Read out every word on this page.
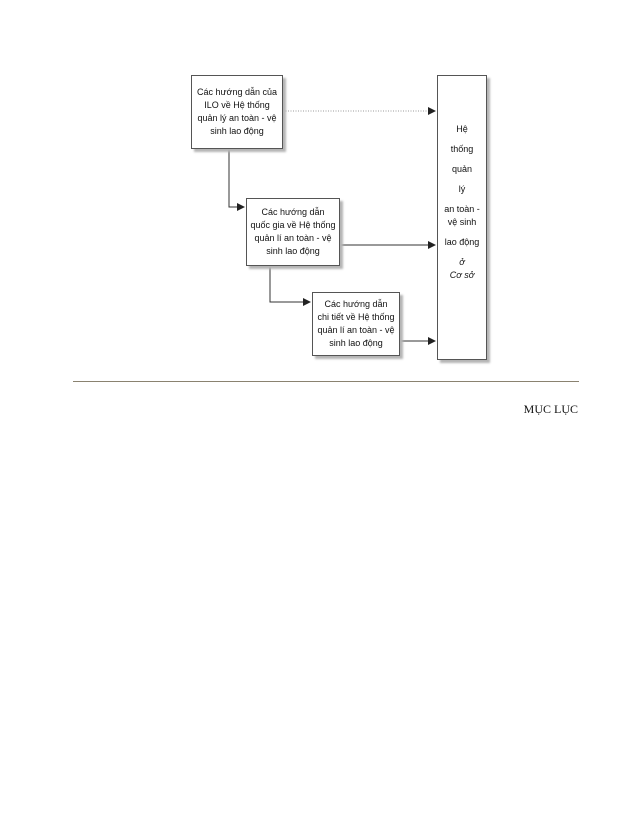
Các hướng dẫn của
ILO về Hệ thống
quản lý an toàn - vệ
sinh lao động
Các hướng dẫn
quốc gia về Hệ thống
quản lí an toàn - vệ
sinh lao động
Các hướng dẫn
chi tiết về Hệ thống
quản lí an toàn - vệ
sinh lao động
Hệ
thống
quản
lý
an toàn -
vệ sinh
lao động
ở
Cơ sở
MỤC LỤC
